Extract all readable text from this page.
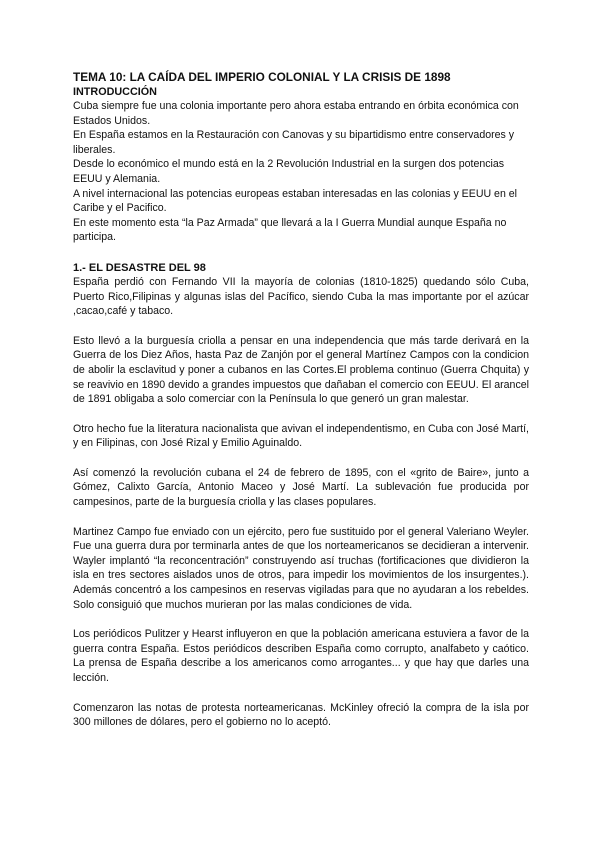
TEMA 10: LA CAÍDA DEL IMPERIO COLONIAL Y LA CRISIS DE 1898
INTRODUCCIÓN

Cuba siempre fue una colonia importante pero ahora estaba entrando en órbita económica con Estados Unidos.

En España estamos en la Restauración con Canovas y su bipartidismo entre conservadores y liberales.

Desde lo económico el mundo está en la 2 Revolución Industrial en la surgen dos potencias EEUU y Alemania.

A nivel internacional las potencias europeas estaban interesadas en las colonias y EEUU en el Caribe y el Pacifico.

En este momento esta “la Paz Armada” que llevará a la I Guerra Mundial aunque España no participa.

1.- EL DESASTRE DEL 98

España perdió con Fernando VII la mayoría de colonias (1810-1825) quedando sólo Cuba, Puerto Rico,Filipinas y algunas islas del Pacífico, siendo Cuba la mas importante por el azúcar ,cacao,café y tabaco.

Esto llevó a la burguesía criolla a pensar en una independencia que más tarde derivará en la Guerra de los Diez Años, hasta Paz de Zanjón por el general Martínez Campos con la condicion de abolir la esclavitud y poner a cubanos en las Cortes.El problema continuo (Guerra Chquita) y se reavivio en 1890 devido a grandes impuestos que dañaban el comercio con EEUU. El arancel de 1891 obligaba a solo comerciar con la Península lo que generó un gran malestar.

Otro hecho fue la literatura nacionalista que avivan el independentismo, en Cuba con José Martí, y en Filipinas, con José Rizal y Emilio Aguinaldo.

Así comenzó la revolución cubana el 24 de febrero de 1895, con el «grito de Baire», junto a Gómez, Calixto García, Antonio Maceo y José Martí. La sublevación fue producida por campesinos, parte de la burguesía criolla y las clases populares.

Martinez Campo fue enviado con un ejército, pero fue sustituido por el general Valeriano Weyler. Fue una guerra dura por terminarla antes de que los norteamericanos se decidieran a intervenir. Wayler implantó “la reconcentración” construyendo así truchas (fortificaciones que dividieron la isla en tres sectores aislados unos de otros, para impedir los movimientos de los insurgentes.). Además concentró a los campesinos en reservas vigiladas para que no ayudaran a los rebeldes. Solo consiguió que muchos murieran por las malas condiciones de vida.

Los periódicos Pulitzer y Hearst influyeron en que la población americana estuviera a favor de la guerra contra España. Estos periódicos describen España como corrupto, analfabeto y caótico. La prensa de España describe a los americanos como arrogantes... y que hay que darles una lección.

Comenzaron las notas de protesta norteamericanas. McKinley ofreció la compra de la isla por 300 millones de dólares, pero el gobierno no lo aceptó.
